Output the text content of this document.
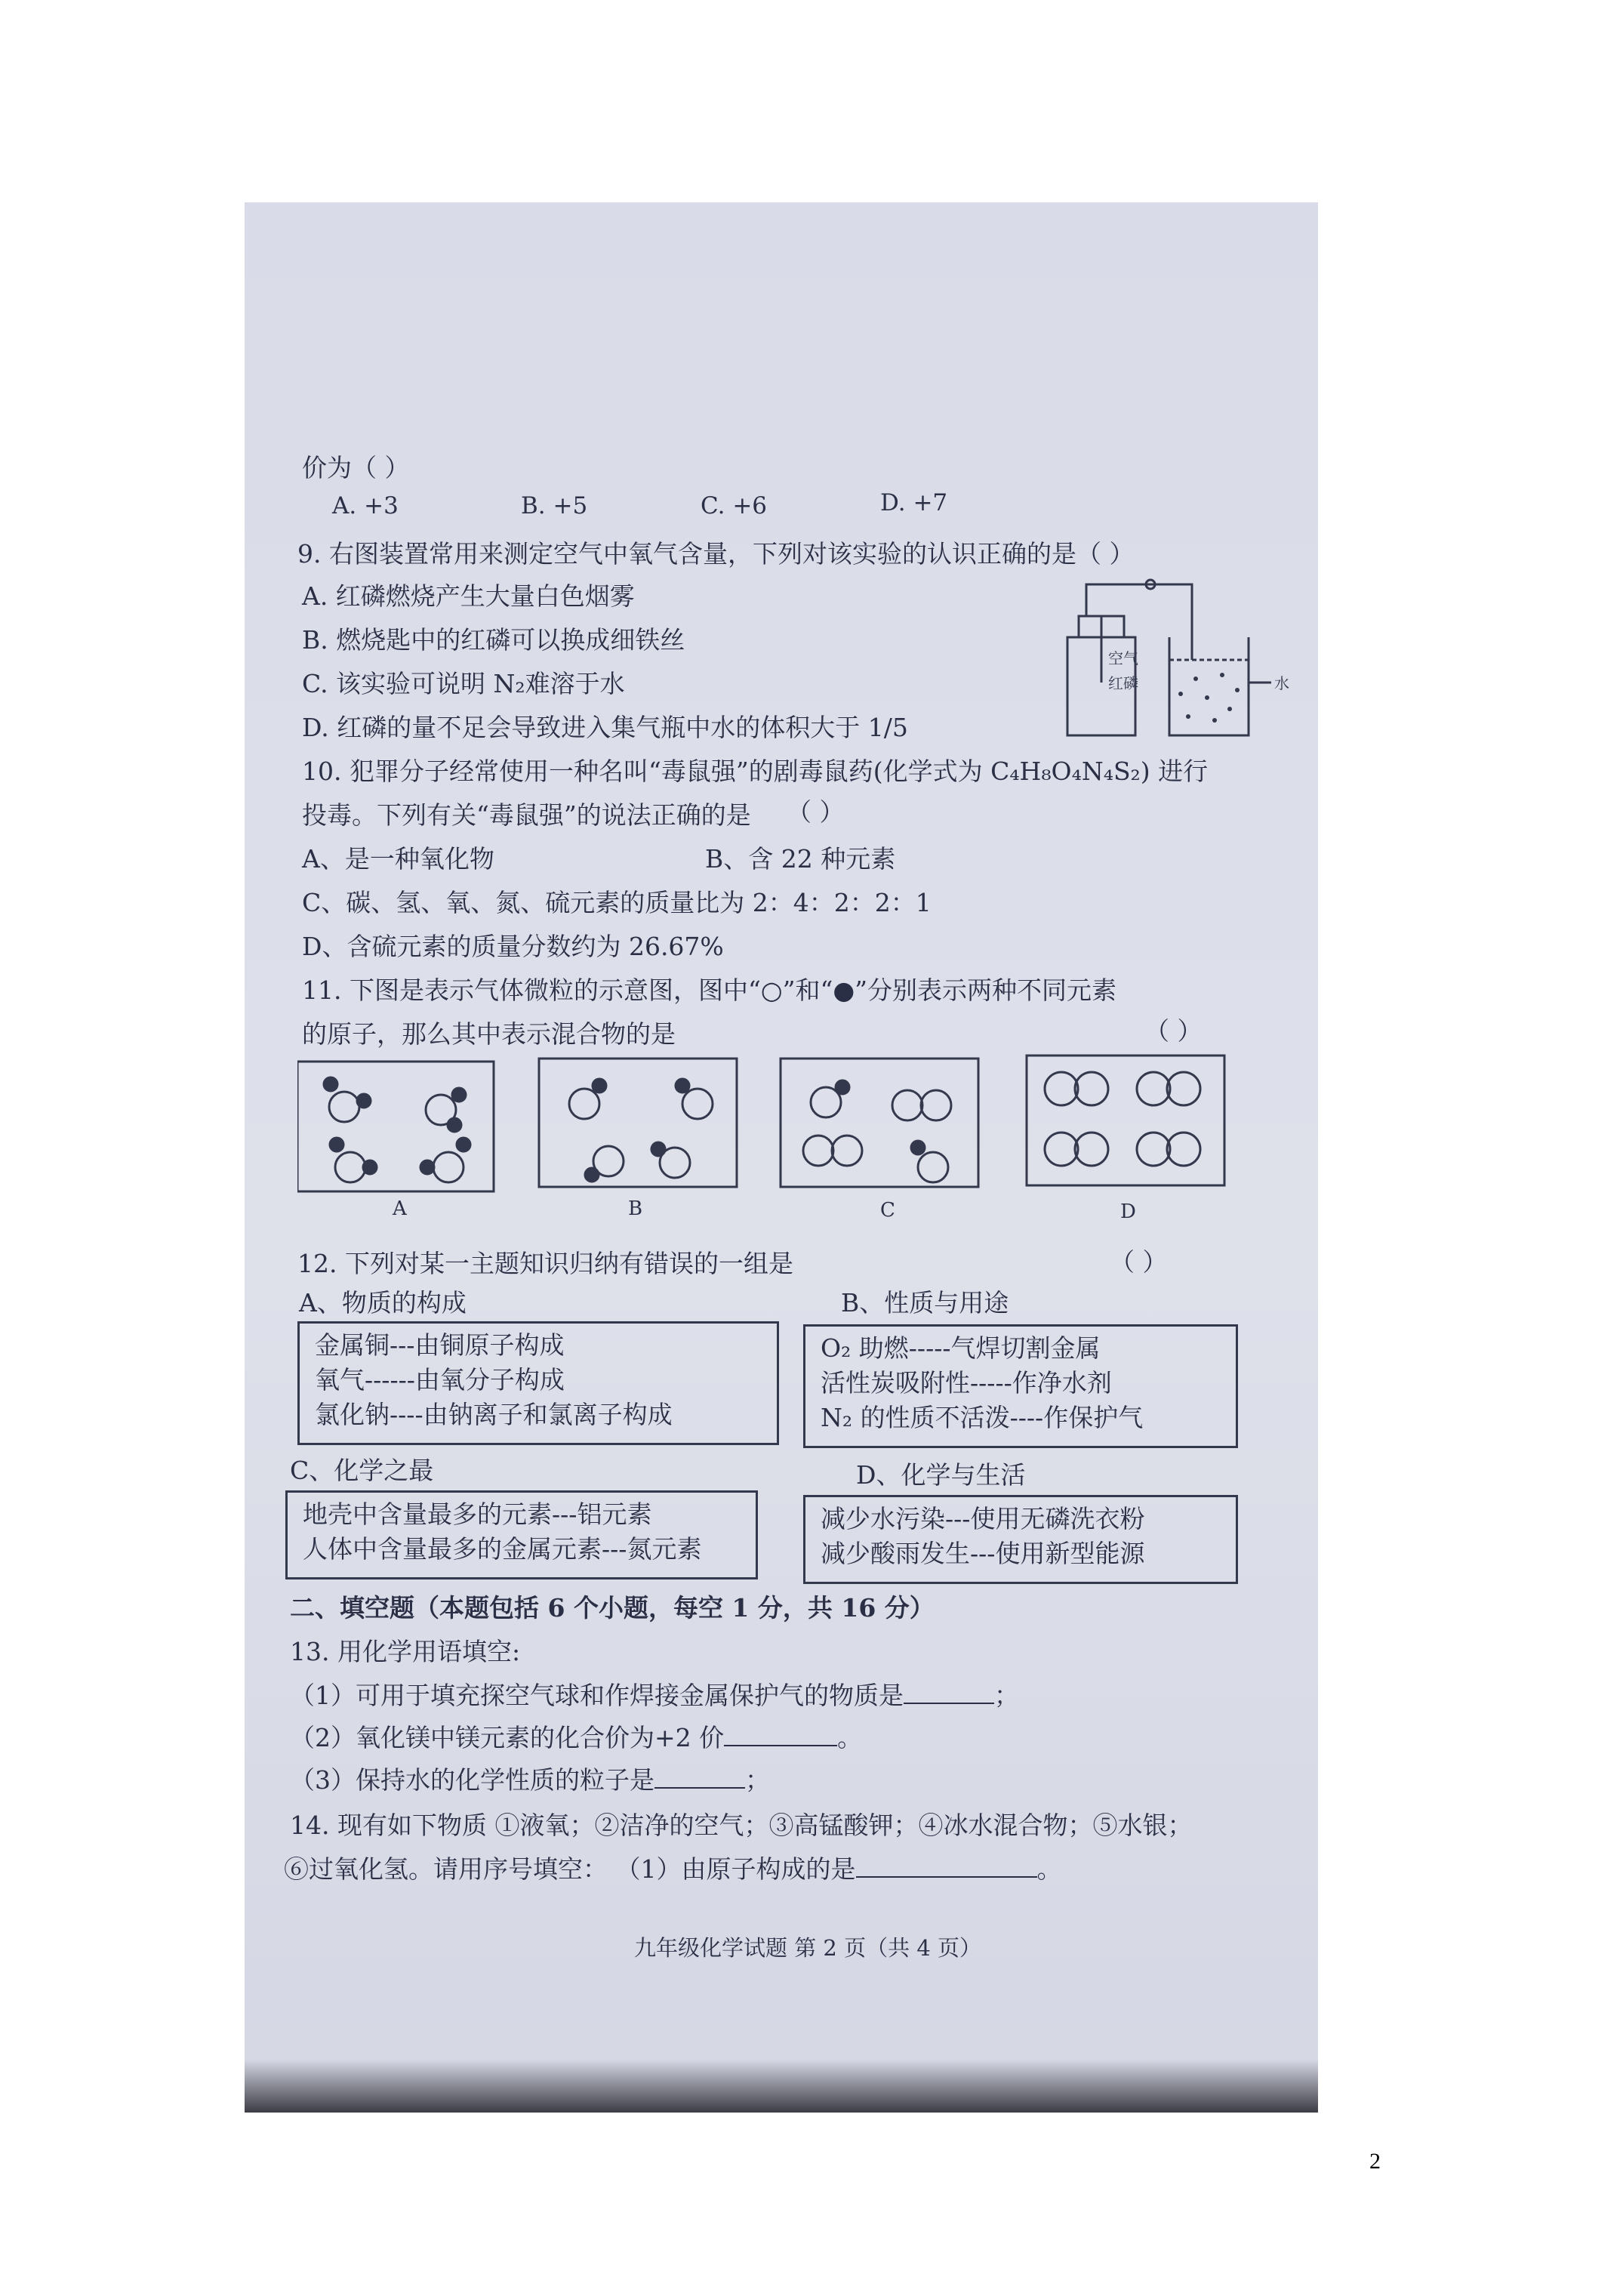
价为（ ）
A. +3	B. +5	C. +6	D. +7
9. 右图装置常用来测定空气中氧气含量，下列对该实验的认识正确的是（ ）
A. 红磷燃烧产生大量白色烟雾
B. 燃烧匙中的红磷可以换成细铁丝
C. 该实验可说明 N₂难溶于水
D. 红磷的量不足会导致进入集气瓶中水的体积大于 1/5
空气
红磷	水
10. 犯罪分子经常使用一种名叫“毒鼠强”的剧毒鼠药(化学式为 C₄H₈O₄N₄S₂) 进行
投毒。下列有关“毒鼠强”的说法正确的是 （ ）
A、是一种氧化物	B、含 22 种元素
C、碳、氢、氧、氮、硫元素的质量比为 2：4：2：2：1
D、含硫元素的质量分数约为 26.67%
11. 下图是表示气体微粒的示意图，图中“○”和“●”分别表示两种不同元素
的原子，那么其中表示混合物的是	（ ）
A	B	C	D
12. 下列对某一主题知识归纳有错误的一组是	（ ）
A、物质的构成
金属铜---由铜原子构成
氧气------由氧分子构成
氯化钠----由钠离子和氯离子构成
B、性质与用途
O₂ 助燃-----气焊切割金属
活性炭吸附性-----作净水剂
N₂ 的性质不活泼----作保护气
C、化学之最
地壳中含量最多的元素---铝元素
人体中含量最多的金属元素---氮元素
D、化学与生活
减少水污染---使用无磷洗衣粉
减少酸雨发生---使用新型能源
二、填空题（本题包括 6 个小题，每空 1 分，共 16 分）
13. 用化学用语填空:
（1）可用于填充探空气球和作焊接金属保护气的物质是	；
（2）氧化镁中镁元素的化合价为+2 价	。
（3）保持水的化学性质的粒子是	；
14. 现有如下物质 ①液氧；②洁净的空气；③高锰酸钾；④冰水混合物；⑤水银；
⑥过氧化氢。请用序号填空： （1）由原子构成的是	。
九年级化学试题 第 2 页（共 4 页）
2
